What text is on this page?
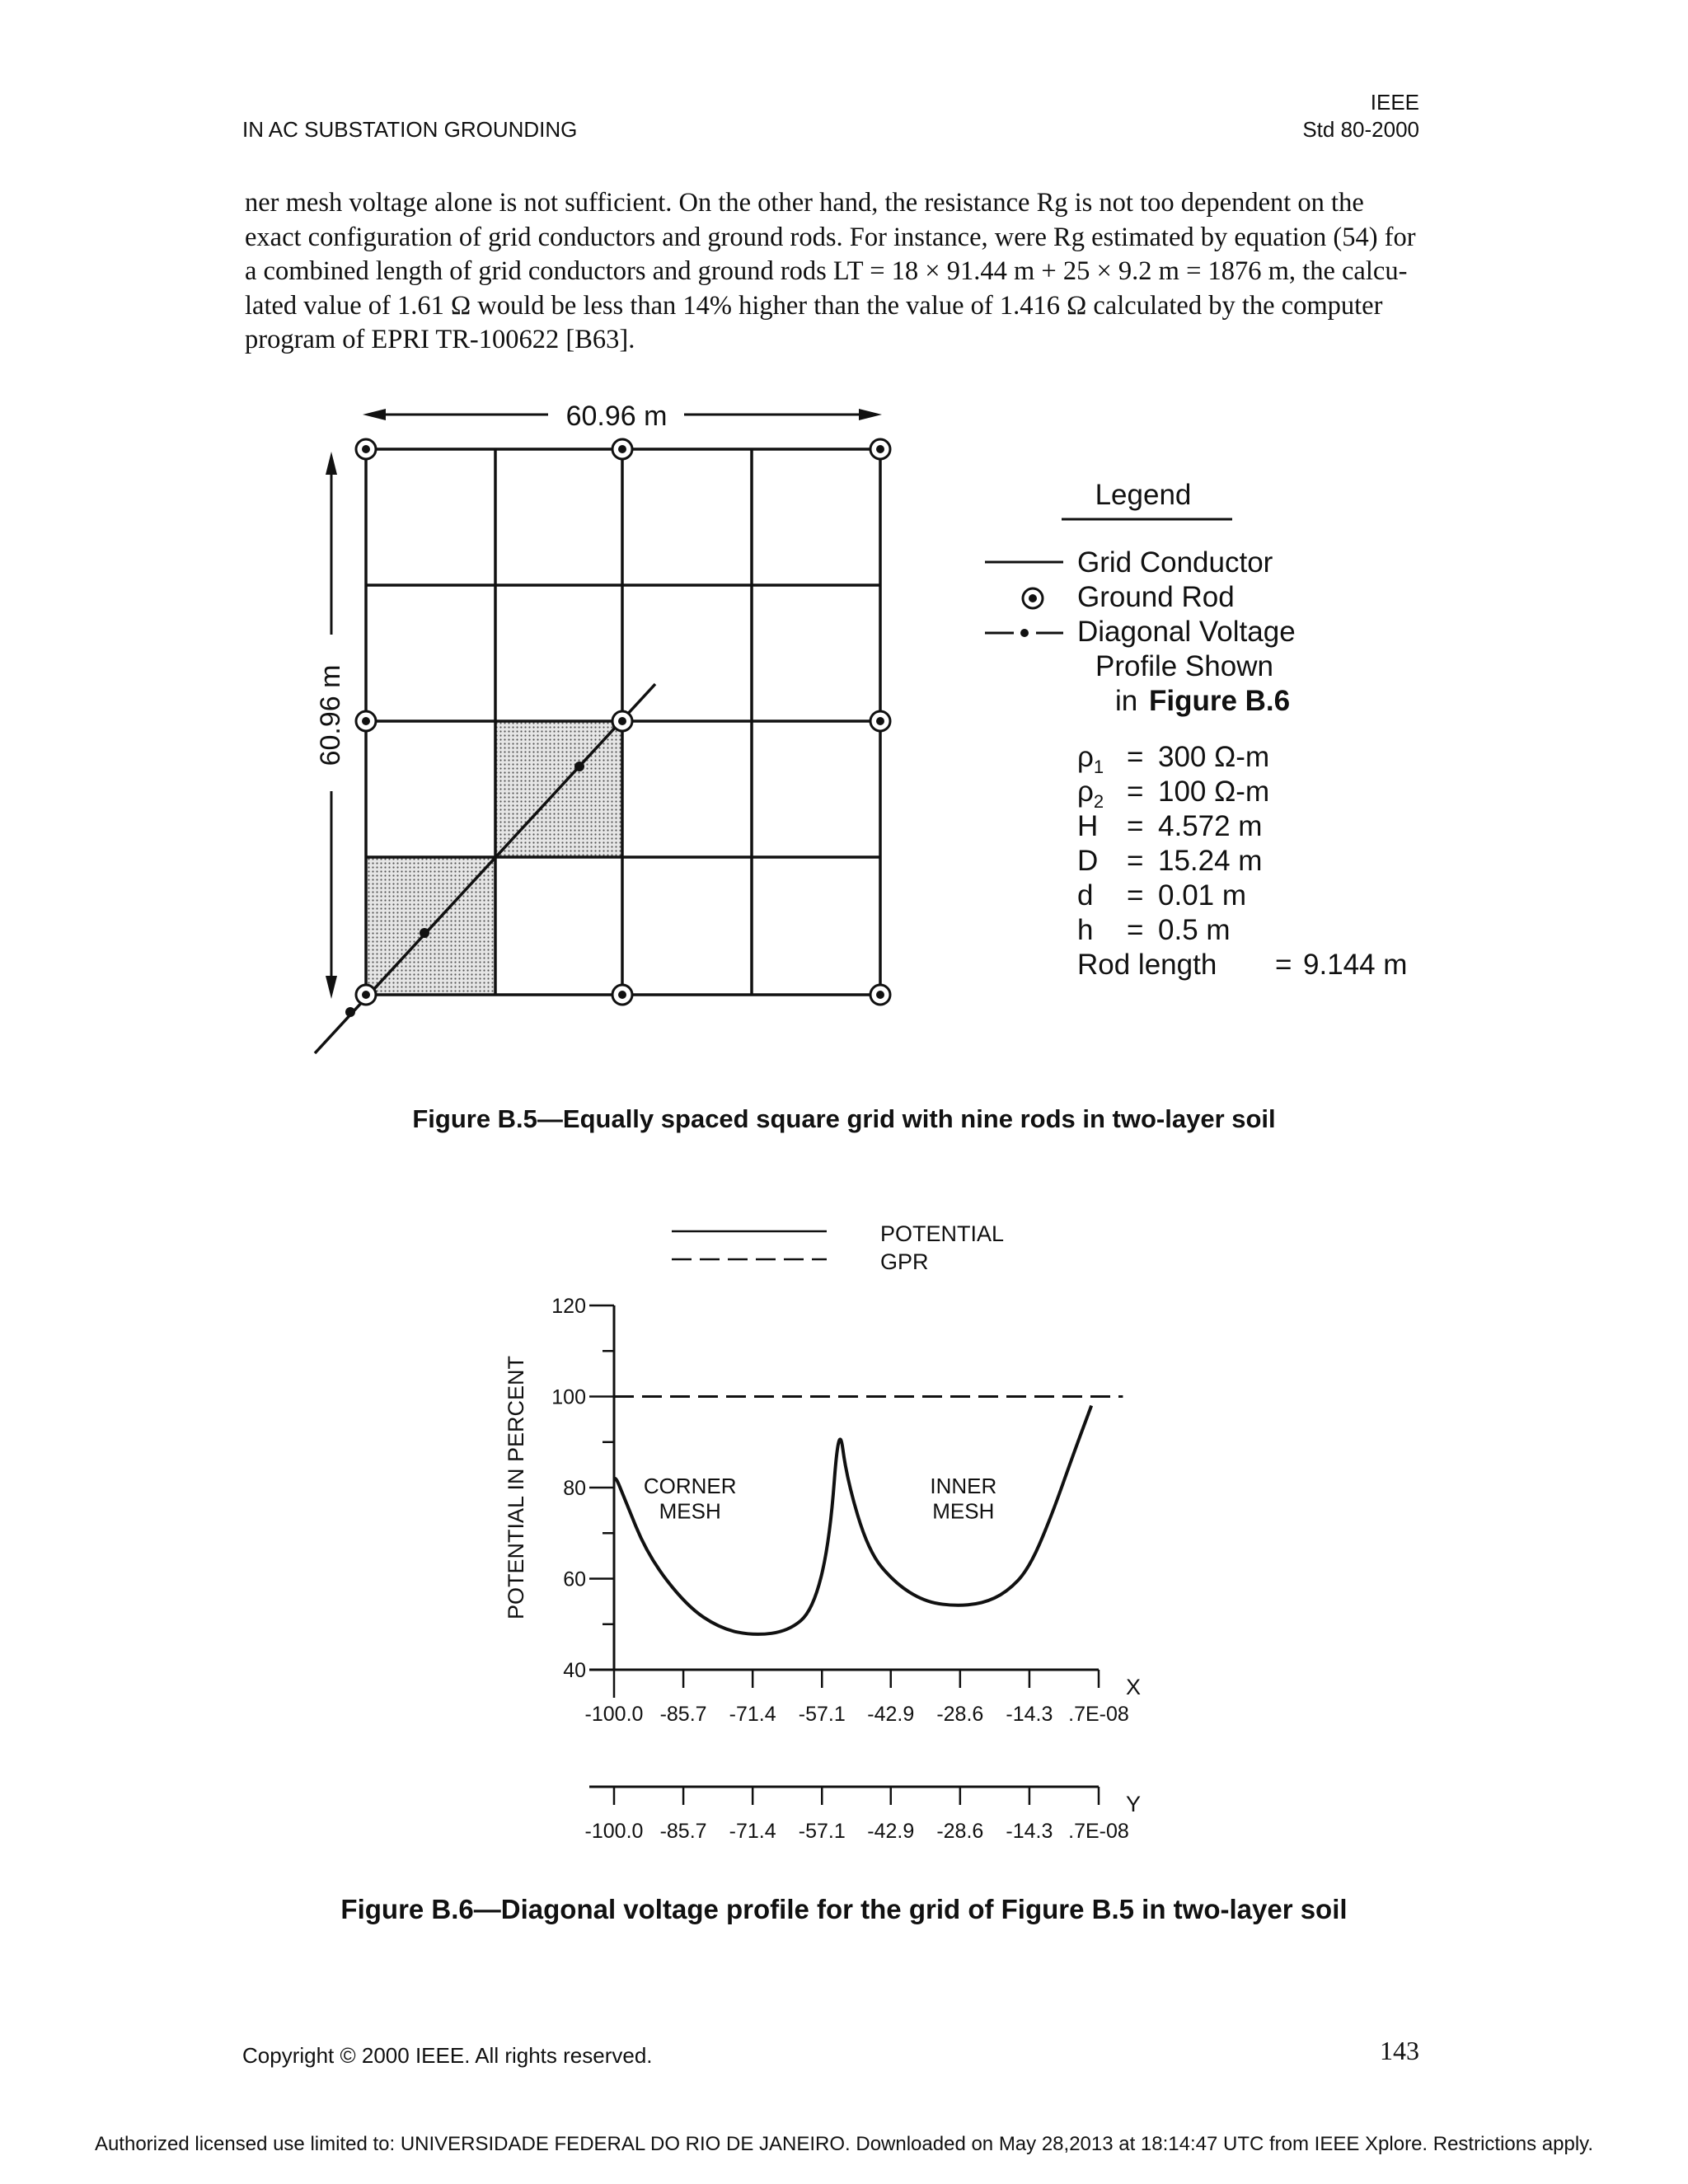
IN AC SUBSTATION GROUNDING
IEEE
Std 80-2000
ner mesh voltage alone is not sufficient. On the other hand, the resistance Rg is not too dependent on the
exact configuration of grid conductors and ground rods. For instance, were Rg estimated by equation (54) for
a combined length of grid conductors and ground rods LT = 18 × 91.44 m + 25 × 9.2 m = 1876 m, the calcu-
lated value of 1.61 Ω would be less than 14% higher than the value of 1.416 Ω calculated by the computer
program of EPRI TR-100622 [B63].
60.96 m
60.96 m
Legend
Grid Conductor
Ground Rod
Diagonal Voltage
Profile Shown
in Figure B.6
$\rho_1 = 300$ Ω-m
$\rho_2 = 100$ Ω-m
H = 4.572 m
D = 15.24 m
d = 0.01 m
h = 0.5 m
Rod length = 9.144 m
Figure B.5—Equally spaced square grid with nine rods in two-layer soil
POTENTIAL
GPR
120
100
80
60
40
POTENTIAL IN PERCENT
-100.0 -85.7 -71.4 -57.1 -42.9 -28.6 -14.3 .7E-08
X
-100.0 -85.7 -71.4 -57.1 -42.9 -28.6 -14.3 .7E-08
Y
CORNER
MESH
INNER
MESH
Figure B.6—Diagonal voltage profile for the grid of Figure B.5 in two-layer soil
Copyright © 2000 IEEE. All rights reserved.	143
Authorized licensed use limited to: UNIVERSIDADE FEDERAL DO RIO DE JANEIRO. Downloaded on May 28,2013 at 18:14:47 UTC from IEEE Xplore. Restrictions apply.
